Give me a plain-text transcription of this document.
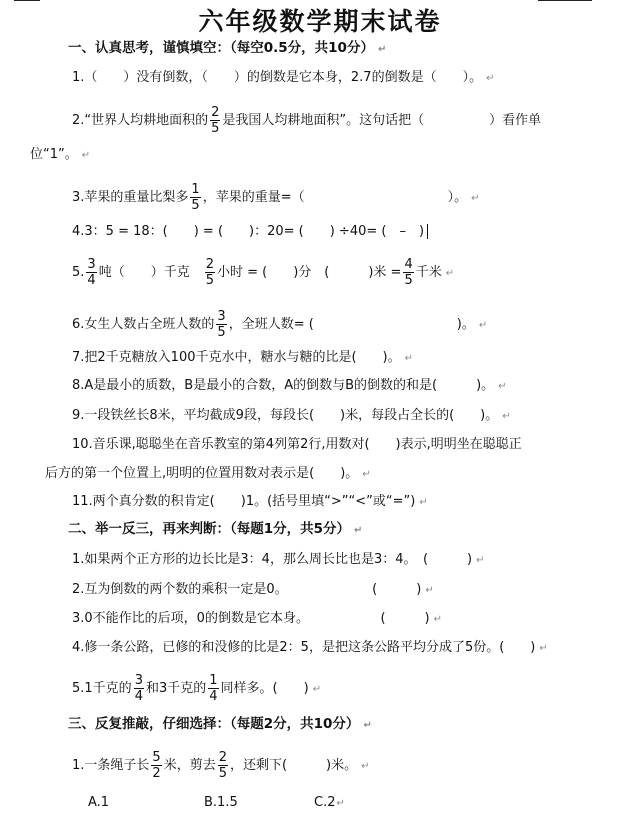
六年级数学期末试卷
一、认真思考，谨慎填空：（每空0.5分，共10分） ↵
1.（　　）没有倒数，（　　）的倒数是它本身，2.7的倒数是（　　）。 ↵
2.“世界人均耕地面积的 $\frac{2}{5}$ 是我国人均耕地面积”。这句话把（　　　　　）看作单
位“1”。 ↵
3.苹果的重量比梨多 $\frac{1}{5}$ ，苹果的重量=（　　　　　　　　　　　）。 ↵
4.3：5 = 18：(　　) = (　　)：20= (　　) ÷40= (　–　)
5. $\frac{3}{4}$ 吨（　　）千克　 $\frac{2}{5}$ 小时 = (　　)分　(　　　)米 = $\frac{4}{5}$ 千米 ↵
6.女生人数占全班人数的 $\frac{3}{5}$ ，全班人数= (　　　　　　　　　　　)。 ↵
7.把2千克糖放入100千克水中，糖水与糖的比是(　　)。 ↵
8.A是最小的质数，B是最小的合数，A的倒数与B的倒数的和是(　　　)。 ↵
9.一段铁丝长8米，平均截成9段，每段长(　　)米，每段占全长的(　　)。 ↵
10.音乐课,聪聪坐在音乐教室的第4列第2行,用数对(　　)表示,明明坐在聪聪正
后方的第一个位置上,明明的位置用数对表示是(　　)。 ↵
11.两个真分数的积肯定(　　)1。(括号里填“>”“<”或“=”) ↵
二、举一反三，再来判断：（每题1分，共5分） ↵
1.如果两个正方形的边长比是3：4，那么周长比也是3：4。　(　　　) ↵
2.互为倒数的两个数的乘积一定是0。　　　　　　　(　　　) ↵
3.0不能作比的后项，0的倒数是它本身。　　　　　　(　　　) ↵
4.修一条公路，已修的和没修的比是2：5，是把这条公路平均分成了5份。(　　) ↵
5.1千克的 $\frac{3}{4}$ 和3千克的 $\frac{1}{4}$ 同样多。(　　) ↵
三、反复推敲，仔细选择：（每题2分，共10分） ↵
1.一条绳子长 $\frac{5}{2}$ 米，剪去 $\frac{2}{5}$ ，还剩下(　　　)米。 ↵
A.1	B.1.5	C.2↵
